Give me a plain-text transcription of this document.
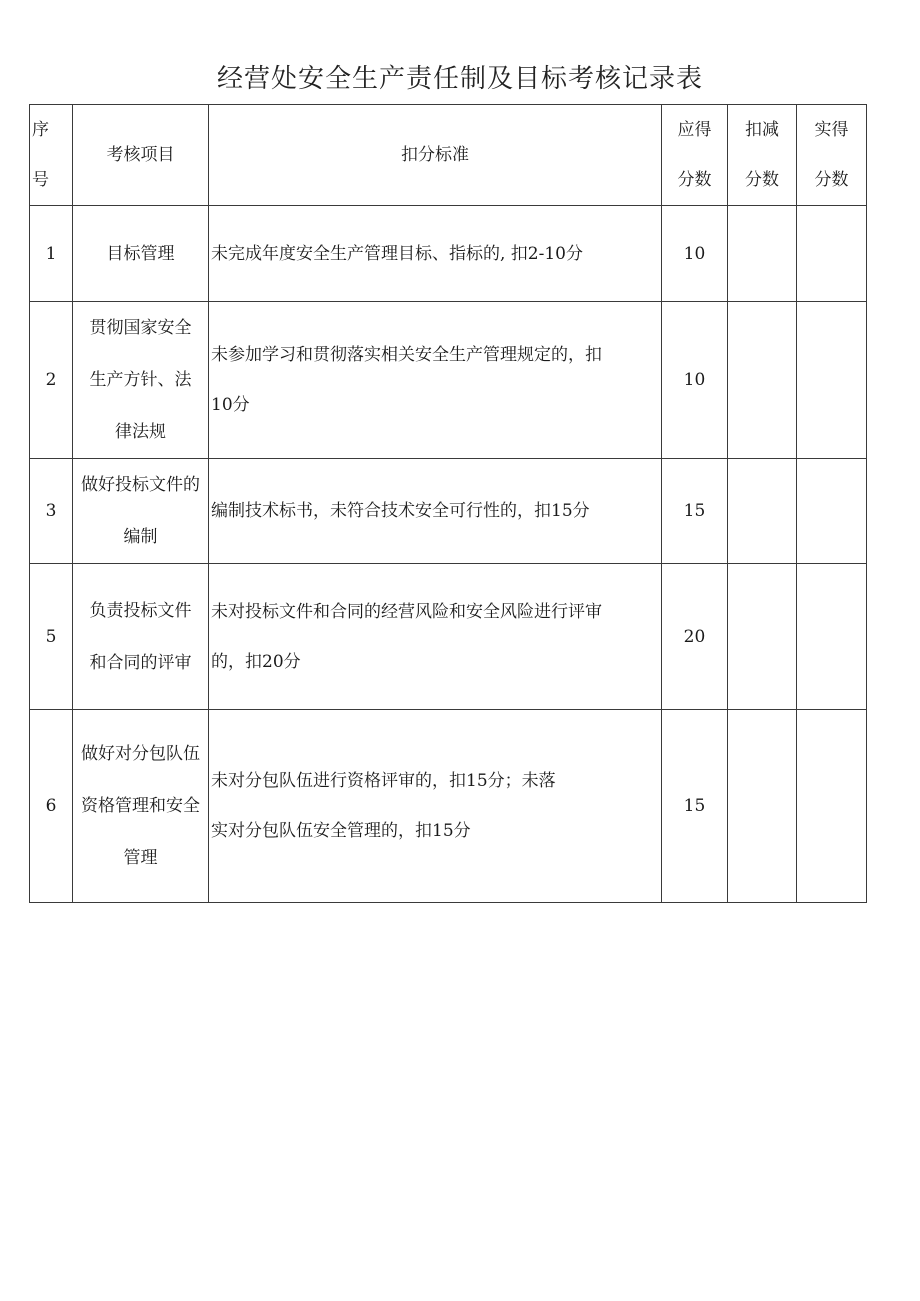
经营处安全生产责任制及目标考核记录表
序号	考核项目	扣分标准	应得分数	扣减分数	实得分数

1	目标管理	未完成年度安全生产管理目标、指标的, 扣2-10分	10		
2	贯彻国家安全生产方针、法律法规	未参加学习和贯彻落实相关安全生产管理规定的，扣10分	10		
3	做好投标文件的编制	编制技术标书，未符合技术安全可行性的，扣15分	15		
5	负责投标文件和合同的评审	未对投标文件和合同的经营风险和安全风险进行评审的，扣20分	20		
6	做好对分包队伍资格管理和安全管理	未对分包队伍进行资格评审的，扣15分；未落实对分包队伍安全管理的，扣15分	15		
